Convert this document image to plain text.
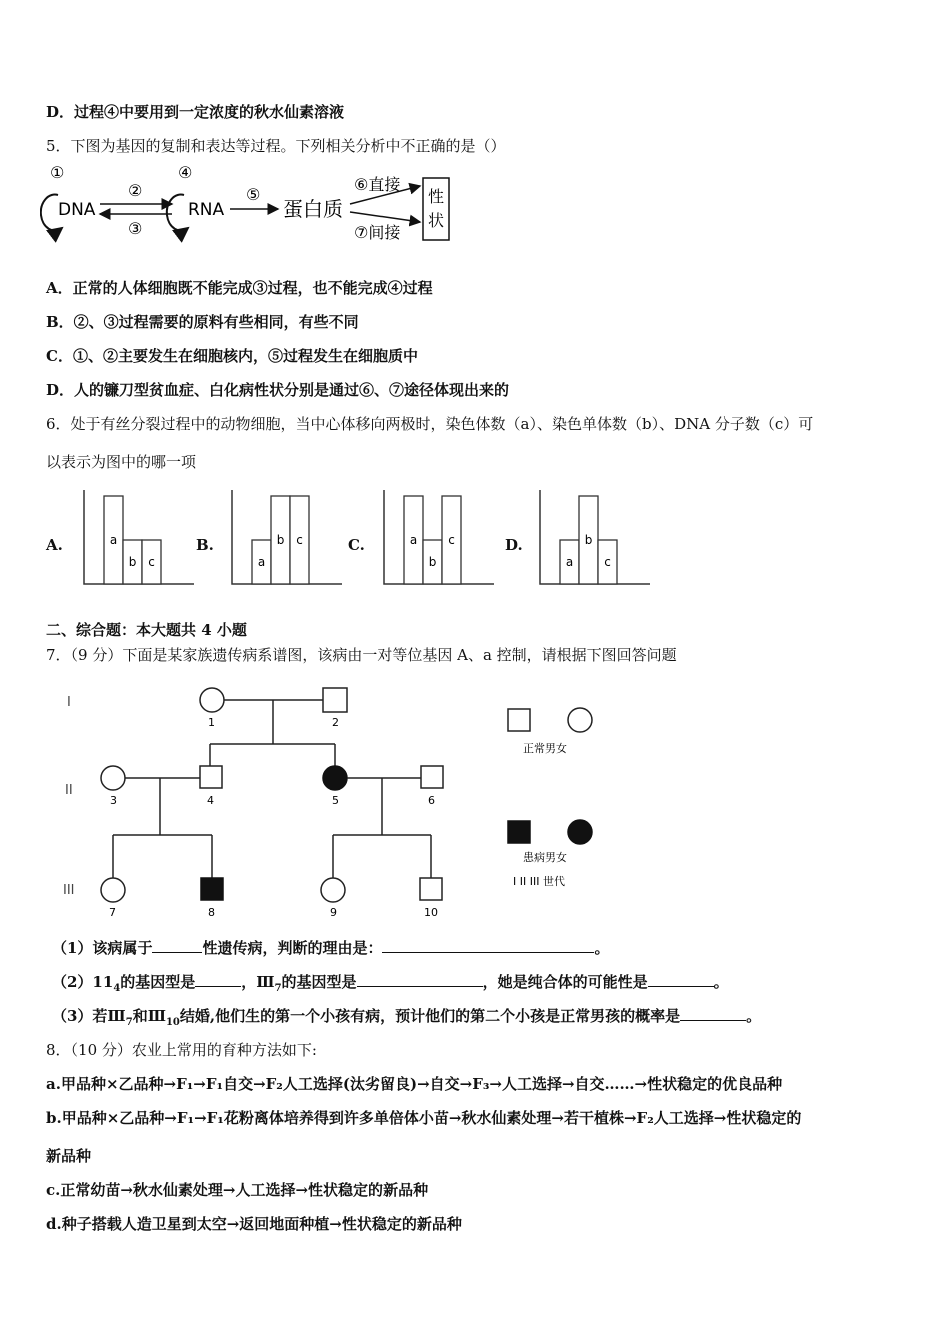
D．过程④中要用到一定浓度的秋水仙素溶液
5．下图为基因的复制和表达等过程。下列相关分析中不正确的是（）
①
DNA
②
③
④
RNA
⑤
蛋白质
⑥直接
⑦间接
性
状
A．正常的人体细胞既不能完成③过程，也不能完成④过程
B．②、③过程需要的原料有些相同，有些不同
C．①、②主要发生在细胞核内，⑤过程发生在细胞质中
D．人的镰刀型贫血症、白化病性状分别是通过⑥、⑦途径体现出来的
6．处于有丝分裂过程中的动物细胞，当中心体移向两极时，染色体数（a）、染色单体数（b）、DNA 分子数（c）可
以表示为图中的哪一项
A.	B.	C.	D.
a
b c	a
b c	a
b
c
a
b
c
二、综合题：本大题共 4 小题
7．（9 分）下面是某家族遗传病系谱图，该病由一对等位基因 A、a 控制，请根据下图回答问题
I
II
III
1	2
3	4	5	6
7	8	9	10
正常男女
患病男女
I II III 世代
（1）该病属于	性遗传病，判断的理由是：	。
$(2)11_4$的基因型是	，$Ⅲ_7$的基因型是	，她是纯合体的可能性是	。
（3）若$Ⅲ_7$和$Ⅲ_{10}$结婚,他们生的第一个小孩有病，预计他们的第二个小孩是正常男孩的概率是	。
8．（10 分）农业上常用的育种方法如下:
a.甲品种×乙品种→F₁→F₁自交→F₂人工选择(汰劣留良)→自交→F₃→人工选择→自交……→性状稳定的优良品种
b.甲品种×乙品种→F₁→F₁花粉离体培养得到许多单倍体小苗→秋水仙素处理→若干植株→F₂人工选择→性状稳定的
新品种
c.正常幼苗→秋水仙素处理→人工选择→性状稳定的新品种
d.种子搭载人造卫星到太空→返回地面种植→性状稳定的新品种
